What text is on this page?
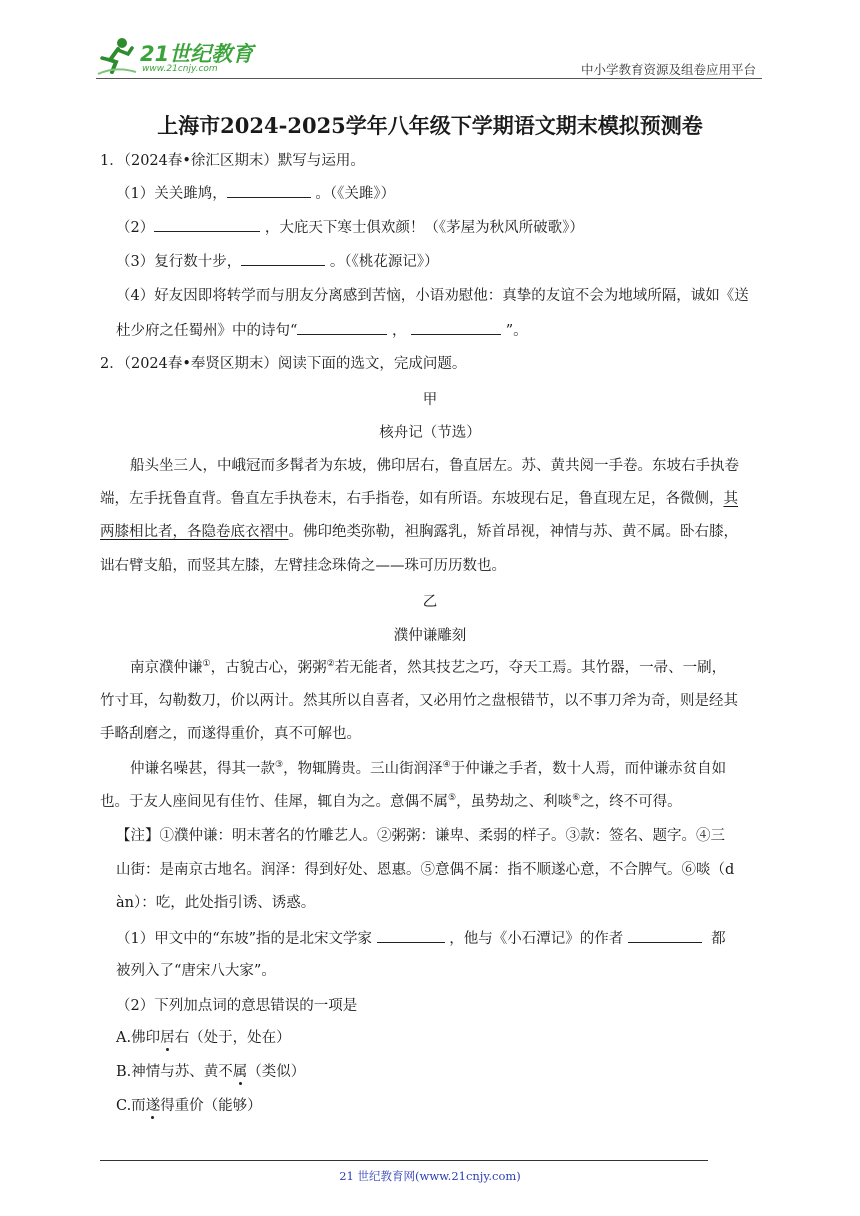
21世纪教育
www.21cnjy.com	中小学教育资源及组卷应用平台
上海市2024-2025学年八年级下学期语文期末模拟预测卷
1．（2024春•徐汇区期末）默写与运用。
（1）关关雎鸠，	。（《关雎》）
（2）	，大庇天下寒士俱欢颜！（《茅屋为秋风所破歌》）
（3）复行数十步，	。（《桃花源记》）
（4）好友因即将转学而与朋友分离感到苦恼，小语劝慰他：真挚的友谊不会为地域所隔，诚如《送
杜少府之任蜀州》中的诗句“	，	”。
2．（2024春•奉贤区期末）阅读下面的选文，完成问题。
甲
核舟记（节选）
船头坐三人，中峨冠而多髯者为东坡，佛印居右，鲁直居左。苏、黄共阅一手卷。东坡右手执卷
端，左手抚鲁直背。鲁直左手执卷末，右手指卷，如有所语。东坡现右足，鲁直现左足，各微侧，其
两膝相比者，各隐卷底衣褶中。佛印绝类弥勒，袒胸露乳，矫首昂视，神情与苏、黄不属。卧右膝，
诎右臂支船，而竖其左膝，左臂挂念珠倚之——珠可历历数也。
乙
濮仲谦雕刻
南京濮仲谦①，古貌古心，粥粥②若无能者，然其技艺之巧，夺天工焉。其竹器，一帚、一刷，
竹寸耳，勾勒数刀，价以两计。然其所以自喜者，又必用竹之盘根错节，以不事刀斧为奇，则是经其
手略刮磨之，而遂得重价，真不可解也。
仲谦名噪甚，得其一款③，物辄腾贵。三山街润泽④于仲谦之手者，数十人焉，而仲谦赤贫自如
也。于友人座间见有佳竹、佳犀，辄自为之。意偶不属⑤，虽势劫之、利啖⑥之，终不可得。
【注】①濮仲谦：明末著名的竹雕艺人。②粥粥：谦卑、柔弱的样子。③款：签名、题字。④三
山街：是南京古地名。润泽：得到好处、恩惠。⑤意偶不属：指不顺遂心意，不合脾气。⑥啖（d
àn）：吃，此处指引诱、诱惑。
（1）甲文中的“东坡”指的是北宋文学家	，他与《小石潭记》的作者	都
被列入了“唐宋八大家”。
（2）下列加点词的意思错误的一项是
A.佛印居右（处于，处在）
B.神情与苏、黄不属（类似）
C.而遂得重价（能够）
21 世纪教育网(www.21cnjy.com)
